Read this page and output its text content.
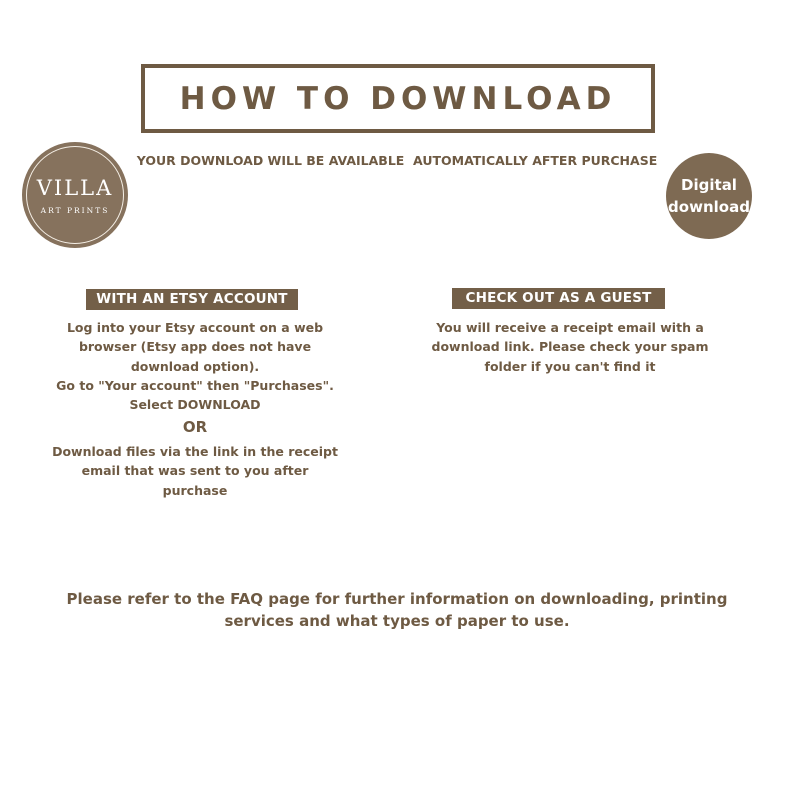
HOW TO DOWNLOAD
YOUR DOWNLOAD WILL BE AVAILABLE  AUTOMATICALLY AFTER PURCHASE
VILLA
ART PRINTS
Digital
download
WITH AN ETSY ACCOUNT
Log into your Etsy account on a web
browser (Etsy app does not have
download option).
Go to "Your account" then "Purchases".
Select DOWNLOAD
OR
Download files via the link in the receipt
email that was sent to you after
purchase
CHECK OUT AS A GUEST
You will receive a receipt email with a
download link. Please check your spam
folder if you can't find it
Please refer to the FAQ page for further information on downloading, printing
services and what types of paper to use.
